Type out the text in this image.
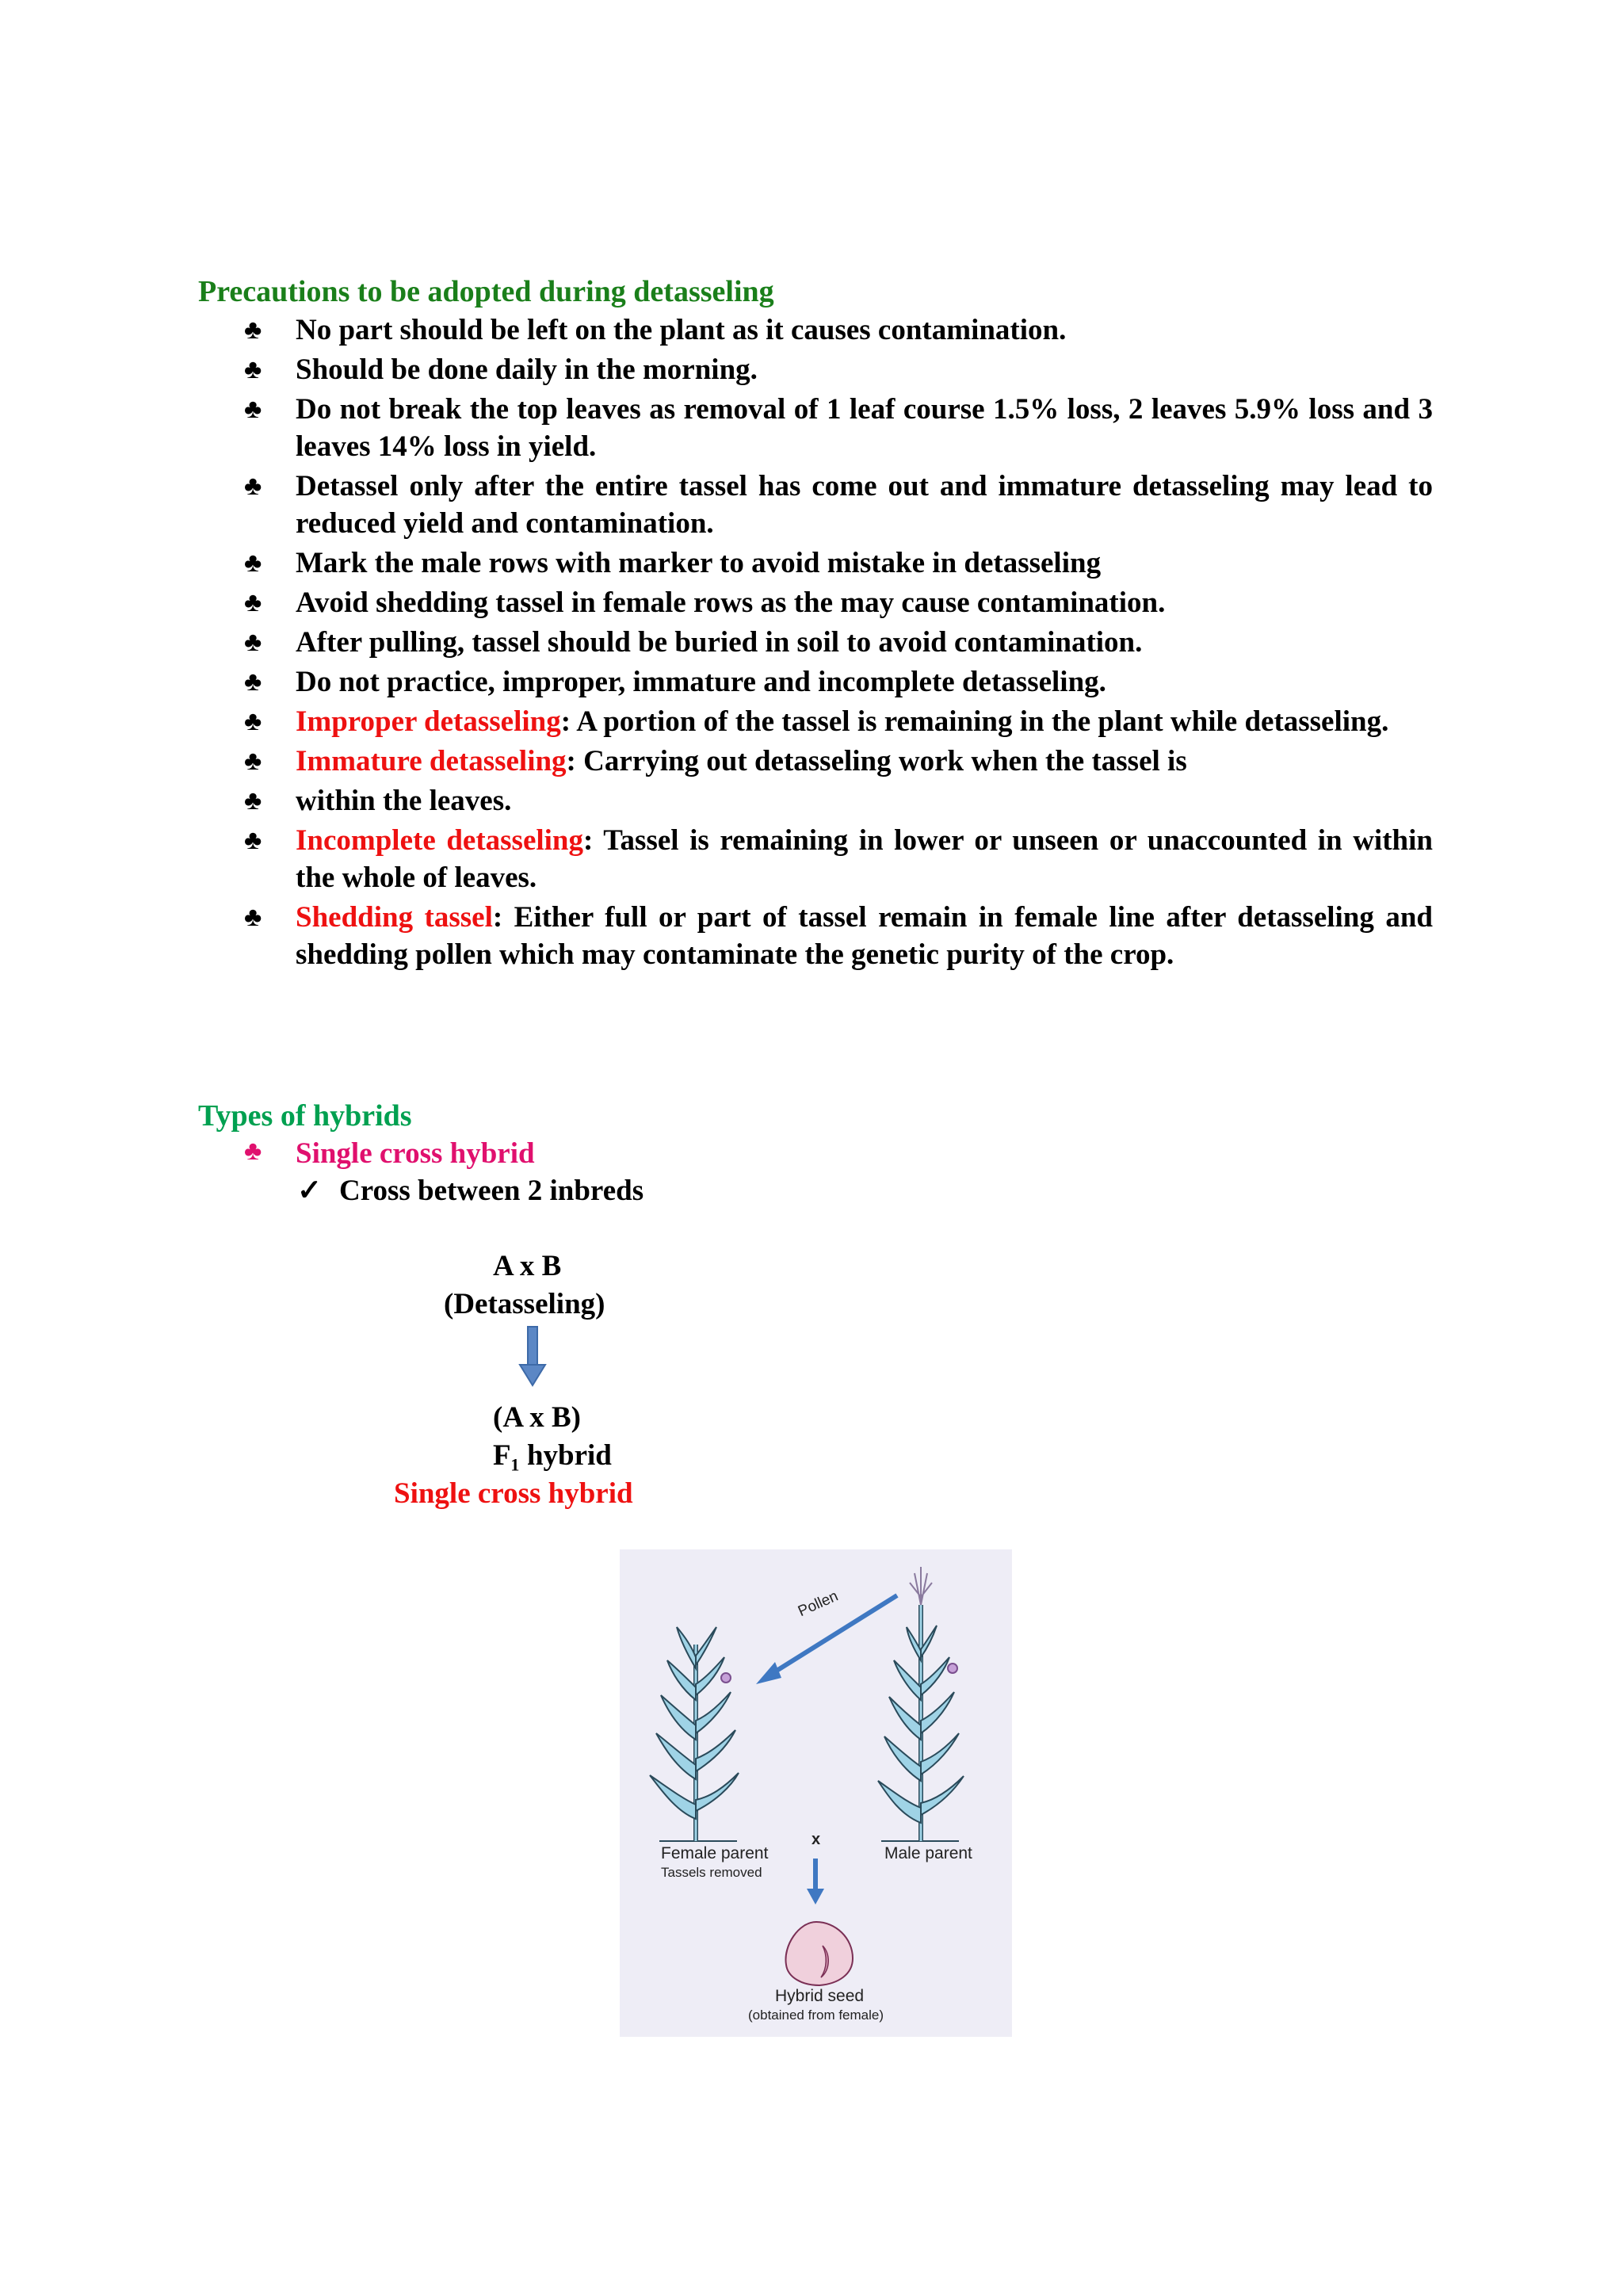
Precautions to be adopted during detasseling
♣ No part should be left on the plant as it causes contamination.
♣ Should be done daily in the morning.
♣ Do not break the top leaves as removal of 1 leaf course 1.5% loss, 2 leaves 5.9% loss and 3 leaves 14% loss in yield.
♣ Detassel only after the entire tassel has come out and immature detasseling may lead to reduced yield and contamination.
♣ Mark the male rows with marker to avoid mistake in detasseling
♣ Avoid shedding tassel in female rows as the may cause contamination.
♣ After pulling, tassel should be buried in soil to avoid contamination.
♣ Do not practice, improper, immature and incomplete detasseling.
♣ Improper detasseling: A portion of the tassel is remaining in the plant while detasseling.
♣ Immature detasseling: Carrying out detasseling work when the tassel is
♣ within the leaves.
♣ Incomplete detasseling: Tassel is remaining in lower or unseen or unaccounted in within the whole of leaves.
♣ Shedding tassel: Either full or part of tassel remain in female line after detasseling and shedding pollen which may contaminate the genetic purity of the crop.
Types of hybrids
♣ Single cross hybrid
✓ Cross between 2 inbreds
A x B
(Detasseling)
(A x B)
F₁ hybrid
Single cross hybrid
Pollen
Female parent
Tassels removed
x
Male parent
Hybrid seed
(obtained from female)
